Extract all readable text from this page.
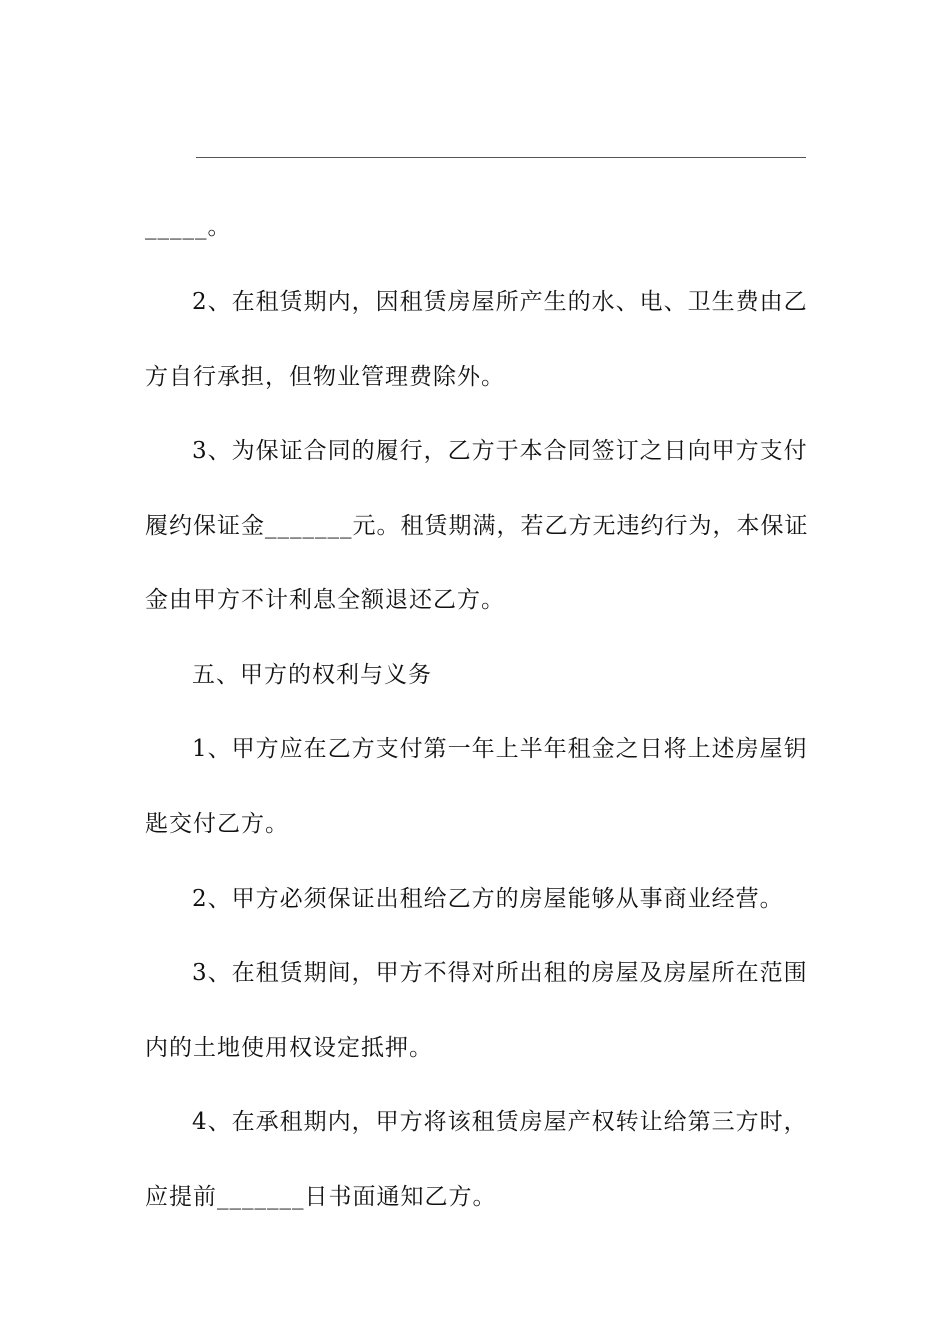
_____。
2、在租赁期内，因租赁房屋所产生的水、电、卫生费由乙
方自行承担，但物业管理费除外。
3、为保证合同的履行，乙方于本合同签订之日向甲方支付
履约保证金_______元。租赁期满，若乙方无违约行为，本保证
金由甲方不计利息全额退还乙方。
五、甲方的权利与义务
1、甲方应在乙方支付第一年上半年租金之日将上述房屋钥
匙交付乙方。
2、甲方必须保证出租给乙方的房屋能够从事商业经营。
3、在租赁期间，甲方不得对所出租的房屋及房屋所在范围
内的土地使用权设定抵押。
4、在承租期内，甲方将该租赁房屋产权转让给第三方时，
应提前_______日书面通知乙方。
